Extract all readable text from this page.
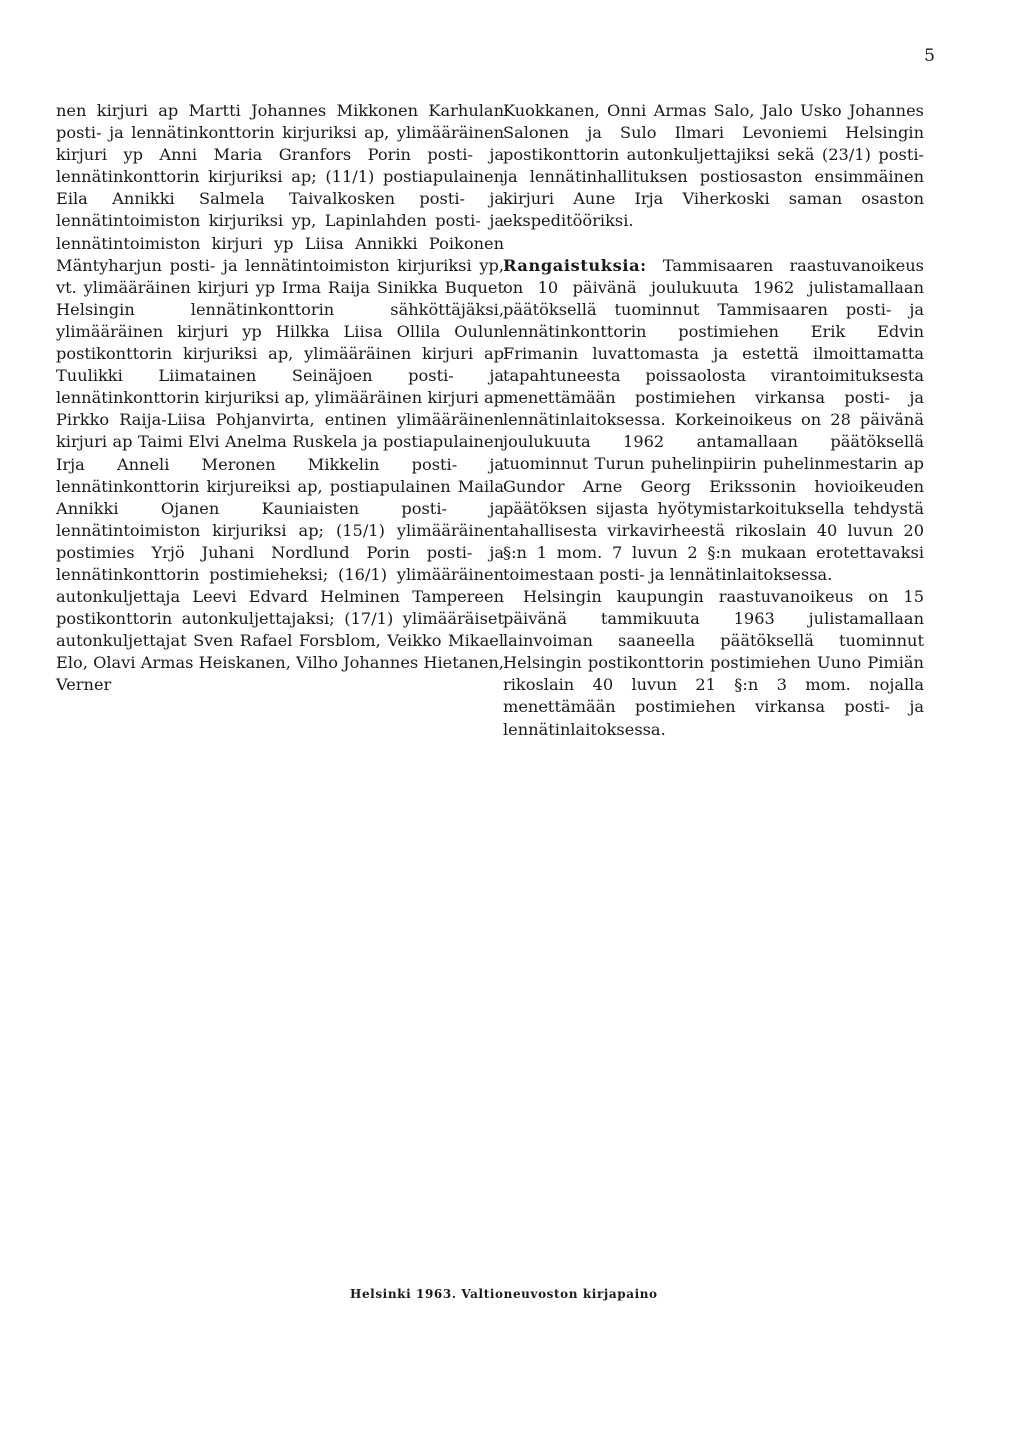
5

nen kirjuri ap Martti Johannes Mikkonen Karhulan posti- ja lennätinkonttorin kirjuriksi ap, ylimääräinen kirjuri yp Anni Maria Granfors Porin posti- ja lennätinkonttorin kirjuriksi ap; (11/1) postiapulainen Eila Annikki Salmela Taivalkosken posti- ja lennätintoimiston kirjuriksi yp, Lapinlahden posti- ja lennätintoimiston kirjuri yp Liisa Annikki Poikonen Mäntyharjun posti- ja lennätintoimiston kirjuriksi yp, vt. ylimääräinen kirjuri yp Irma Raija Sinikka Buquet Helsingin lennätinkonttorin sähköttäjäksi, ylimääräinen kirjuri yp Hilkka Liisa Ollila Oulun postikonttorin kirjuriksi ap, ylimääräinen kirjuri ap Tuulikki Liimatainen Seinäjoen posti- ja lennätinkonttorin kirjuriksi ap, ylimääräinen kirjuri ap Pirkko Raija-Liisa Pohjanvirta, entinen ylimääräinen kirjuri ap Taimi Elvi Anelma Ruskela ja postiapulainen Irja Anneli Meronen Mikkelin posti- ja lennätinkonttorin kirjureiksi ap, postiapulainen Maila Annikki Ojanen Kauniaisten posti- ja lennätintoimiston kirjuriksi ap; (15/1) ylimääräinen postimies Yrjö Juhani Nordlund Porin posti- ja lennätinkonttorin postimieheksi; (16/1) ylimääräinen autonkuljettaja Leevi Edvard Helminen Tampereen postikonttorin autonkuljettajaksi; (17/1) ylimääräiset autonkuljettajat Sven Rafael Forsblom, Veikko Mikael Elo, Olavi Armas Heiskanen, Vilho Johannes Hietanen, Verner

Kuokkanen, Onni Armas Salo, Jalo Usko Johannes Salonen ja Sulo Ilmari Levoniemi Helsingin postikonttorin autonkuljettajiksi sekä (23/1) posti- ja lennätinhallituksen postiosaston ensimmäinen kirjuri Aune Irja Viherkoski saman osaston ekspeditööriksi.

Rangaistuksia: Tammisaaren raastuvanoikeus on 10 päivänä joulukuuta 1962 julistamallaan päätöksellä tuominnut Tammisaaren posti- ja lennätinkonttorin postimiehen Erik Edvin Frimanin luvattomasta ja estettä ilmoittamatta tapahtuneesta poissaolosta virantoimituksesta menettämään postimiehen virkansa posti- ja lennätinlaitoksessa. Korkeinoikeus on 28 päivänä joulukuuta 1962 antamallaan päätöksellä tuominnut Turun puhelinpiirin puhelinmestarin ap Gundor Arne Georg Erikssonin hovioikeuden päätöksen sijasta hyötymistarkoituksella tehdystä tahallisesta virkavirheestä rikoslain 40 luvun 20 §:n 1 mom. 7 luvun 2 §:n mukaan erotettavaksi toimestaan posti- ja lennätinlaitoksessa.

Helsingin kaupungin raastuvanoikeus on 15 päivänä tammikuuta 1963 julistamallaan lainvoiman saaneella päätöksellä tuominnut Helsingin postikonttorin postimiehen Uuno Pimiän rikoslain 40 luvun 21 §:n 3 mom. nojalla menettämään postimiehen virkansa posti- ja lennätinlaitoksessa.

Helsinki 1963. Valtioneuvoston kirjapaino
